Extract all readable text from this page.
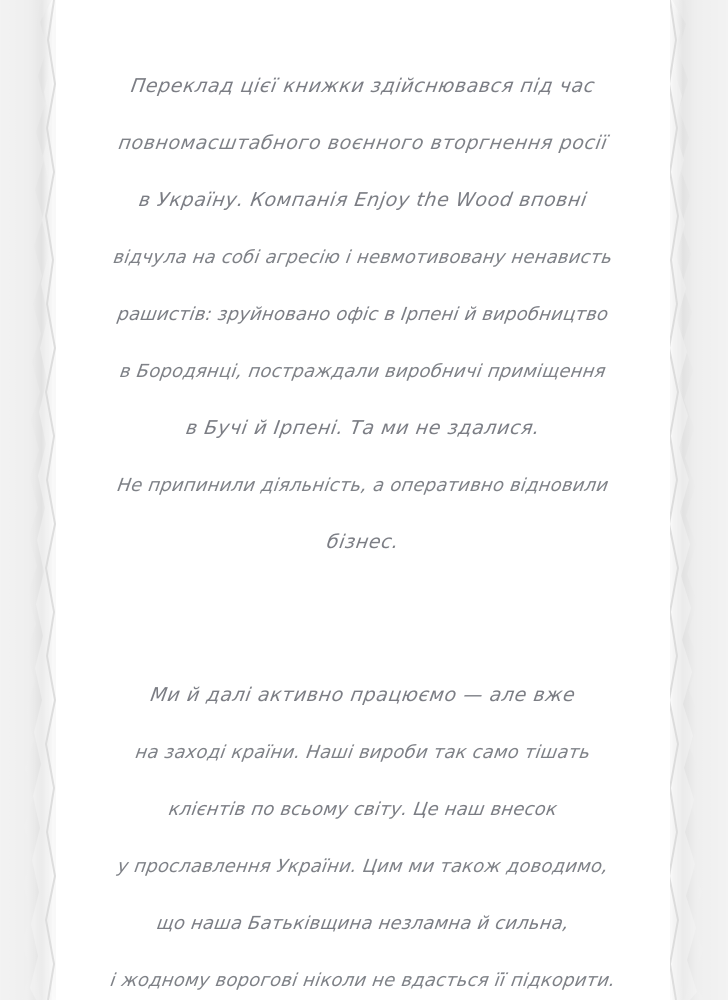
Переклад цієї книжки здійснювався під час
повномасштабного воєнного вторгнення росії
в Україну. Компанія Enjoy the Wood вповні
відчула на собі агресію і невмотивовану ненависть
рашистів: зруйновано офіс в Ірпені й виробництво
в Бородянці, постраждали виробничі приміщення
в Бучі й Ірпені. Та ми не здалися.
Не припинили діяльність, а оперативно відновили
бізнес.
Ми й далі активно працюємо — але вже
на заході країни. Наші вироби так само тішать
клієнтів по всьому світу. Це наш внесок
у прославлення України. Цим ми також доводимо,
що наша Батьківщина незламна й сильна,
і жодному ворогові ніколи не вдасться її підкорити.
